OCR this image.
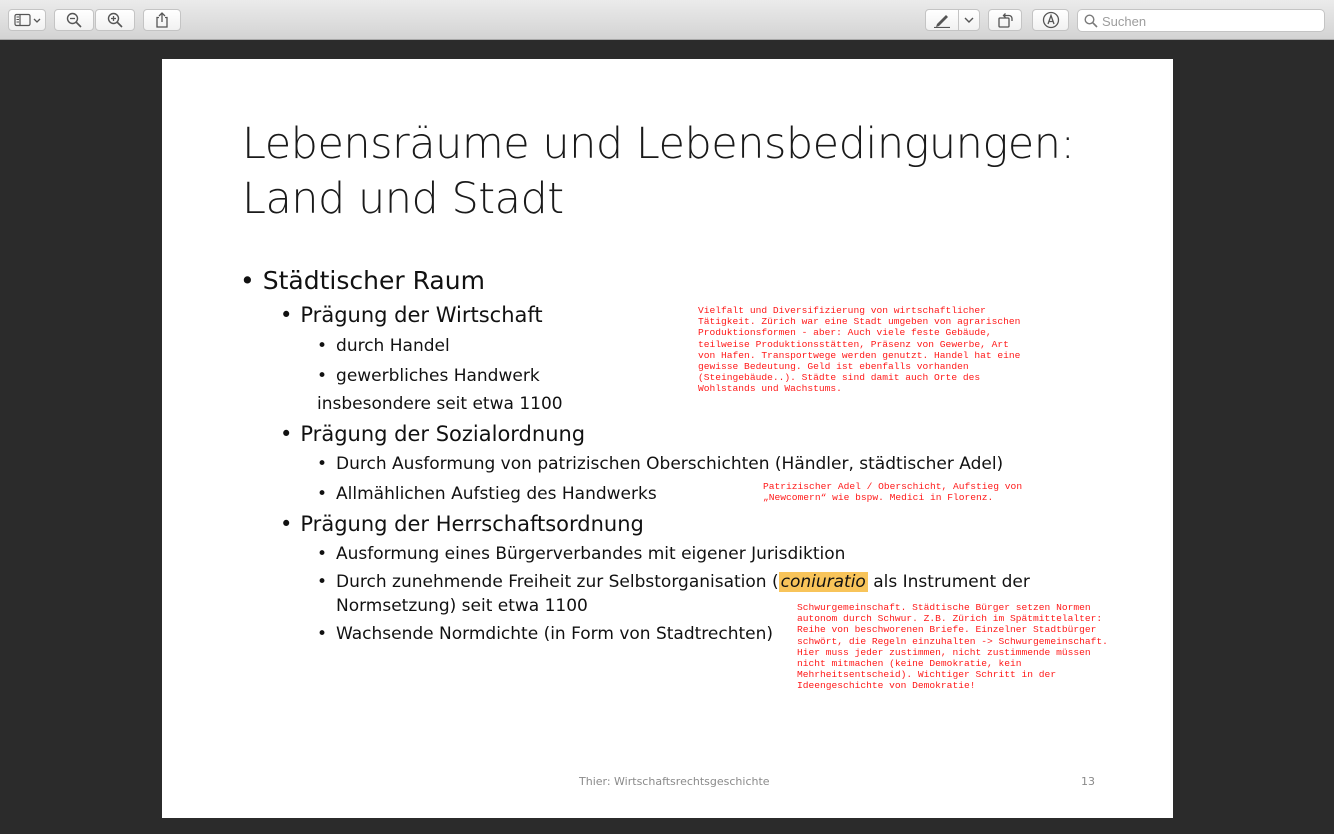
Suchen
Lebensräume und Lebensbedingungen:
Land und Stadt
• Städtischer Raum
• Prägung der Wirtschaft
• durch Handel
• gewerbliches Handwerk
insbesondere seit etwa 1100
• Prägung der Sozialordnung
• Durch Ausformung von patrizischen Oberschichten (Händler, städtischer Adel)
• Allmählichen Aufstieg des Handwerks
• Prägung der Herrschaftsordnung
• Ausformung eines Bürgerverbandes mit eigener Jurisdiktion
• Durch zunehmende Freiheit zur Selbstorganisation ( coniuratio als Instrument der
Normsetzung) seit etwa 1100
• Wachsende Normdichte (in Form von Stadtrechten)
Vielfalt und Diversifizierung von wirtschaftlicher
Tätigkeit. Zürich war eine Stadt umgeben von agrarischen
Produktionsformen - aber: Auch viele feste Gebäude,
teilweise Produktionsstätten, Präsenz von Gewerbe, Art
von Hafen. Transportwege werden genutzt. Handel hat eine
gewisse Bedeutung. Geld ist ebenfalls vorhanden
(Steingebäude..). Städte sind damit auch Orte des
Wohlstands und Wachstums.
Patrizischer Adel / Oberschicht, Aufstieg von
„Newcomern“ wie bspw. Medici in Florenz.
Schwurgemeinschaft. Städtische Bürger setzen Normen
autonom durch Schwur. Z.B. Zürich im Spätmittelalter:
Reihe von beschworenen Briefe. Einzelner Stadtbürger
schwört, die Regeln einzuhalten -> Schwurgemeinschaft.
Hier muss jeder zustimmen, nicht zustimmende müssen
nicht mitmachen (keine Demokratie, kein
Mehrheitsentscheid). Wichtiger Schritt in der
Ideengeschichte von Demokratie!
Thier: Wirtschaftsrechtsgeschichte	13
